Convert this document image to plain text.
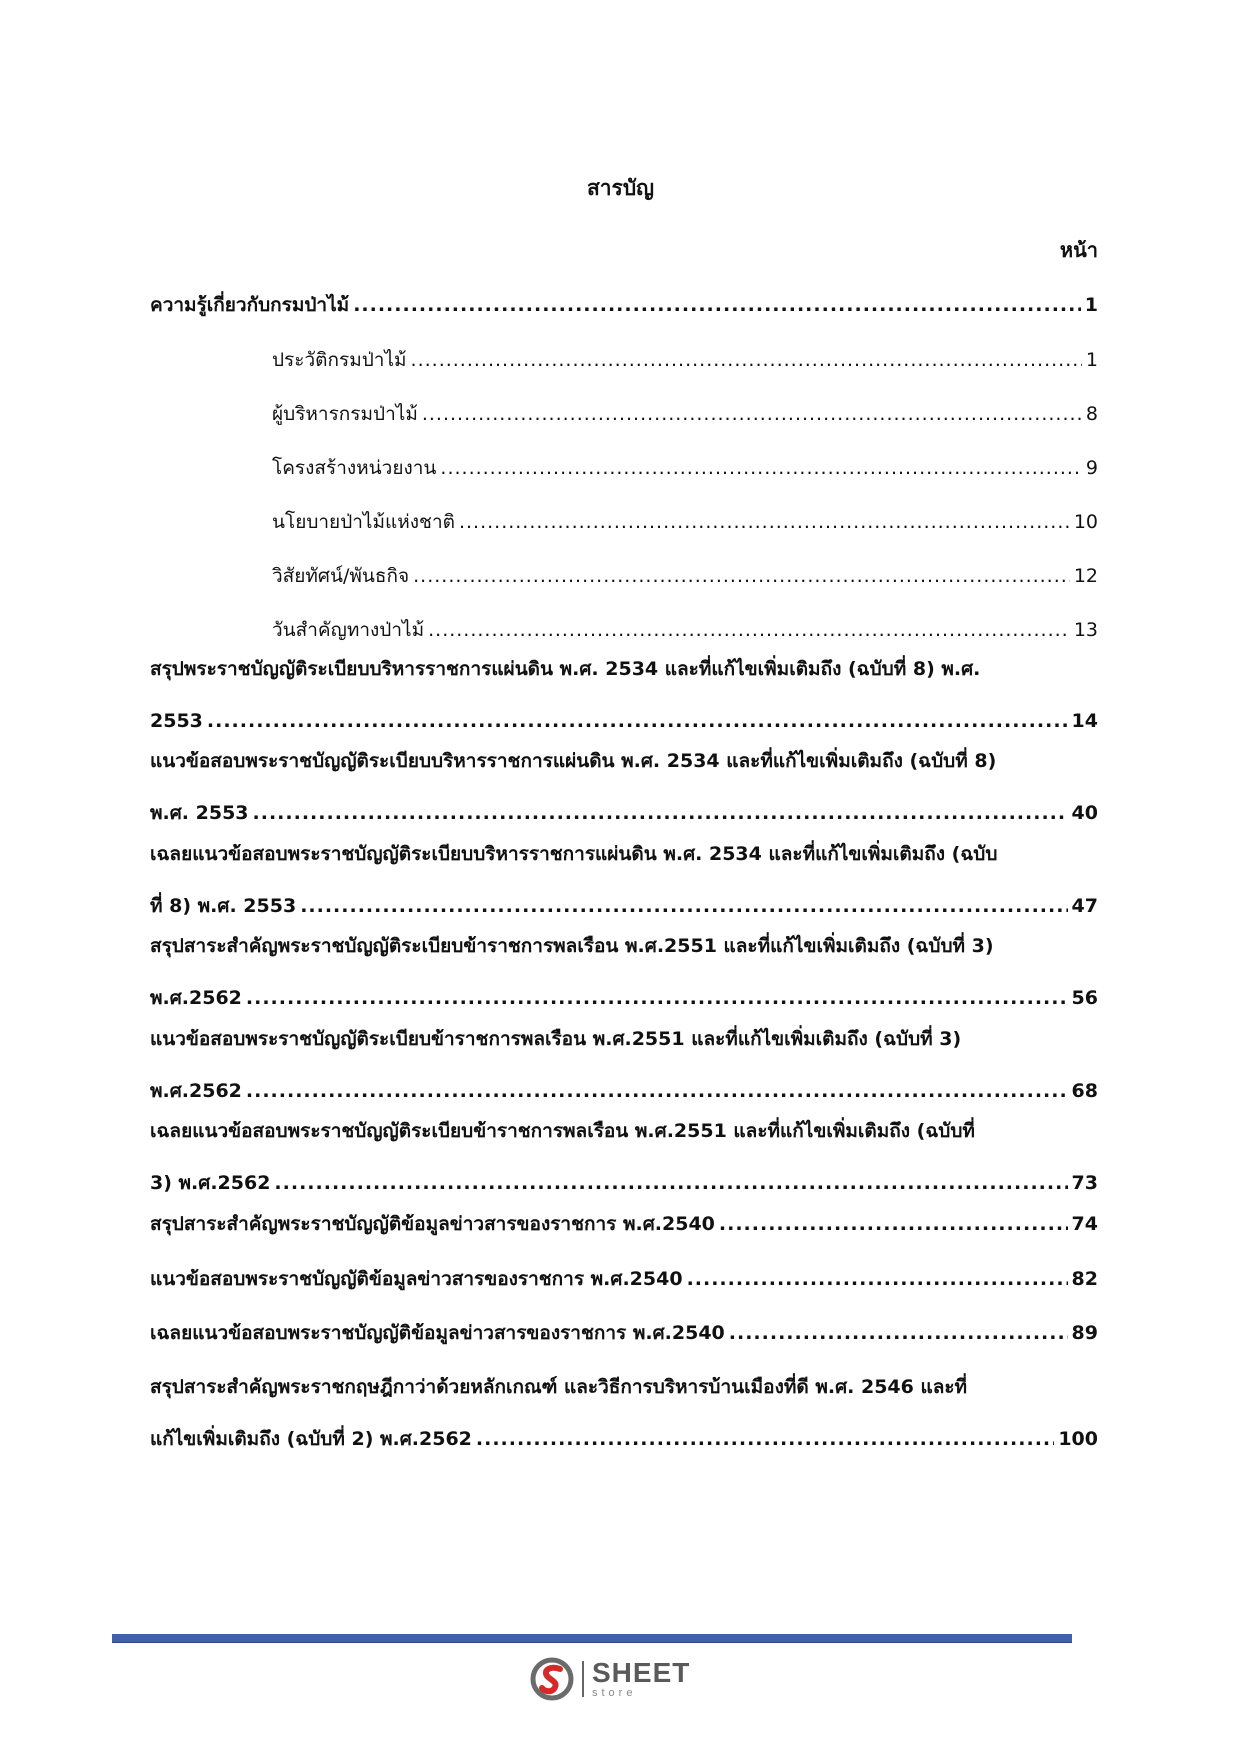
สารบัญ
หน้า
ความรู้เกี่ยวกับกรมป่าไม้ .....	1
ประวัติกรมป่าไม้ .....	1
ผู้บริหารกรมป่าไม้ .....	8
โครงสร้างหน่วยงาน .....	9
นโยบายป่าไม้แห่งชาติ .....	10
วิสัยทัศน์/พันธกิจ .....	12
วันสำคัญทางป่าไม้ .....	13
สรุปพระราชบัญญัติระเบียบบริหารราชการแผ่นดิน พ.ศ. 2534 และที่แก้ไขเพิ่มเติมถึง (ฉบับที่ 8) พ.ศ.
2553 .....	14
แนวข้อสอบพระราชบัญญัติระเบียบบริหารราชการแผ่นดิน พ.ศ. 2534 และที่แก้ไขเพิ่มเติมถึง (ฉบับที่ 8)
พ.ศ. 2553 .....	40
เฉลยแนวข้อสอบพระราชบัญญัติระเบียบบริหารราชการแผ่นดิน พ.ศ. 2534 และที่แก้ไขเพิ่มเติมถึง (ฉบับ
ที่ 8) พ.ศ. 2553 .....	47
สรุปสาระสำคัญพระราชบัญญัติระเบียบข้าราชการพลเรือน พ.ศ.2551 และที่แก้ไขเพิ่มเติมถึง (ฉบับที่ 3)
พ.ศ.2562 .....	56
แนวข้อสอบพระราชบัญญัติระเบียบข้าราชการพลเรือน พ.ศ.2551 และที่แก้ไขเพิ่มเติมถึง (ฉบับที่ 3)
พ.ศ.2562 .....	68
เฉลยแนวข้อสอบพระราชบัญญัติระเบียบข้าราชการพลเรือน พ.ศ.2551 และที่แก้ไขเพิ่มเติมถึง (ฉบับที่
3) พ.ศ.2562 .....	73
สรุปสาระสำคัญพระราชบัญญัติข้อมูลข่าวสารของราชการ พ.ศ.2540 .....	74
แนวข้อสอบพระราชบัญญัติข้อมูลข่าวสารของราชการ พ.ศ.2540 .....	82
เฉลยแนวข้อสอบพระราชบัญญัติข้อมูลข่าวสารของราชการ พ.ศ.2540 .....	89
สรุปสาระสำคัญพระราชกฤษฎีกาว่าด้วยหลักเกณฑ์ และวิธีการบริหารบ้านเมืองที่ดี พ.ศ. 2546 และที่
แก้ไขเพิ่มเติมถึง (ฉบับที่ 2) พ.ศ.2562 .....	100
SHEET
store
